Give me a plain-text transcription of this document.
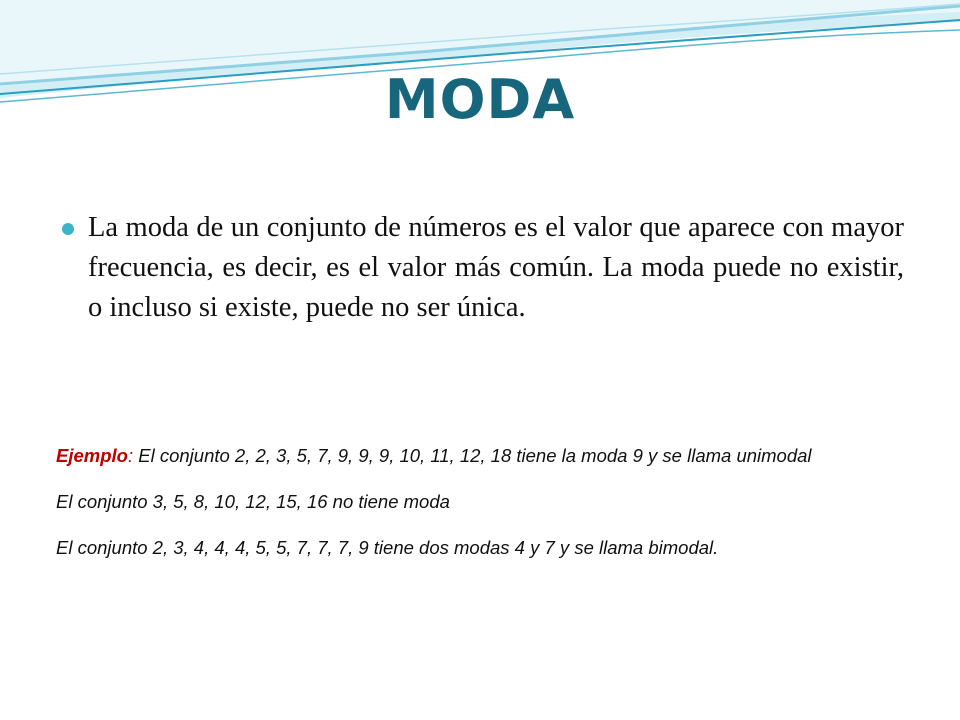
MODA
La moda de un conjunto de números es el valor que aparece con mayor frecuencia, es decir, es el valor más común. La moda puede no existir, o incluso si existe, puede no ser única.

Ejemplo: El conjunto 2, 2, 3, 5, 7, 9, 9, 9, 10, 11, 12, 18 tiene la moda 9 y se llama unimodal

El conjunto 3, 5, 8, 10, 12, 15, 16 no tiene moda

El conjunto 2, 3, 4, 4, 4, 5, 5, 7, 7, 7, 9 tiene dos modas 4 y 7 y se llama bimodal.
